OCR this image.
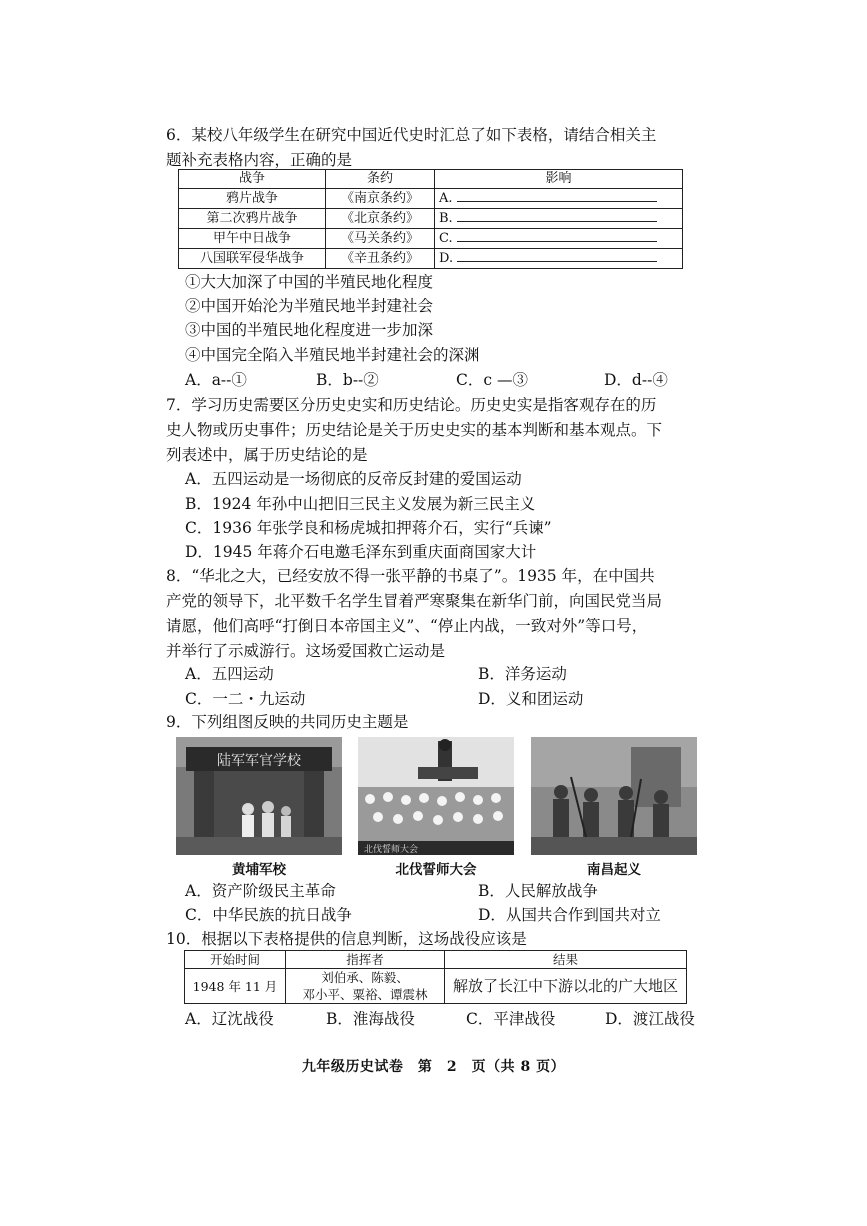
6．某校八年级学生在研究中国近代史时汇总了如下表格，请结合相关主
题补充表格内容，正确的是
战争	条约	影响
鸦片战争	《南京条约》	A.
第二次鸦片战争	《北京条约》	B.
甲午中日战争	《马关条约》	C.
八国联军侵华战争	《辛丑条约》	D.
①大大加深了中国的半殖民地化程度
②中国开始沦为半殖民地半封建社会
③中国的半殖民地化程度进一步加深
④中国完全陷入半殖民地半封建社会的深渊
A．a--①	B．b--②	C．c —③	D．d--④
7．学习历史需要区分历史史实和历史结论。历史史实是指客观存在的历
史人物或历史事件；历史结论是关于历史史实的基本判断和基本观点。下
列表述中，属于历史结论的是
A．五四运动是一场彻底的反帝反封建的爱国运动
B．1924 年孙中山把旧三民主义发展为新三民主义
C．1936 年张学良和杨虎城扣押蒋介石，实行“兵谏”
D．1945 年蒋介石电邀毛泽东到重庆面商国家大计
8．“华北之大，已经安放不得一张平静的书桌了”。1935 年，在中国共
产党的领导下，北平数千名学生冒着严寒聚集在新华门前，向国民党当局
请愿，他们高呼“打倒日本帝国主义”、“停止内战，一致对外”等口号，
并举行了示威游行。这场爱国救亡运动是
A．五四运动	B．洋务运动
C．一二・九运动	D．义和团运动
9．下列组图反映的共同历史主题是
陆军军官学校
黄埔军校
北伐誓师大会
北伐誓师大会	南昌起义
A．资产阶级民主革命	B．人民解放战争
C．中华民族的抗日战争	D．从国共合作到国共对立
10．根据以下表格提供的信息判断，这场战役应该是
开始时间	指挥者	结果
1948 年 11 月	刘伯承、陈毅、
邓小平、粟裕、谭震林	解放了长江中下游以北的广大地区
A．辽沈战役	B．淮海战役	C．平津战役	D．渡江战役
九年级历史试卷　第　2　页（共 8 页）
